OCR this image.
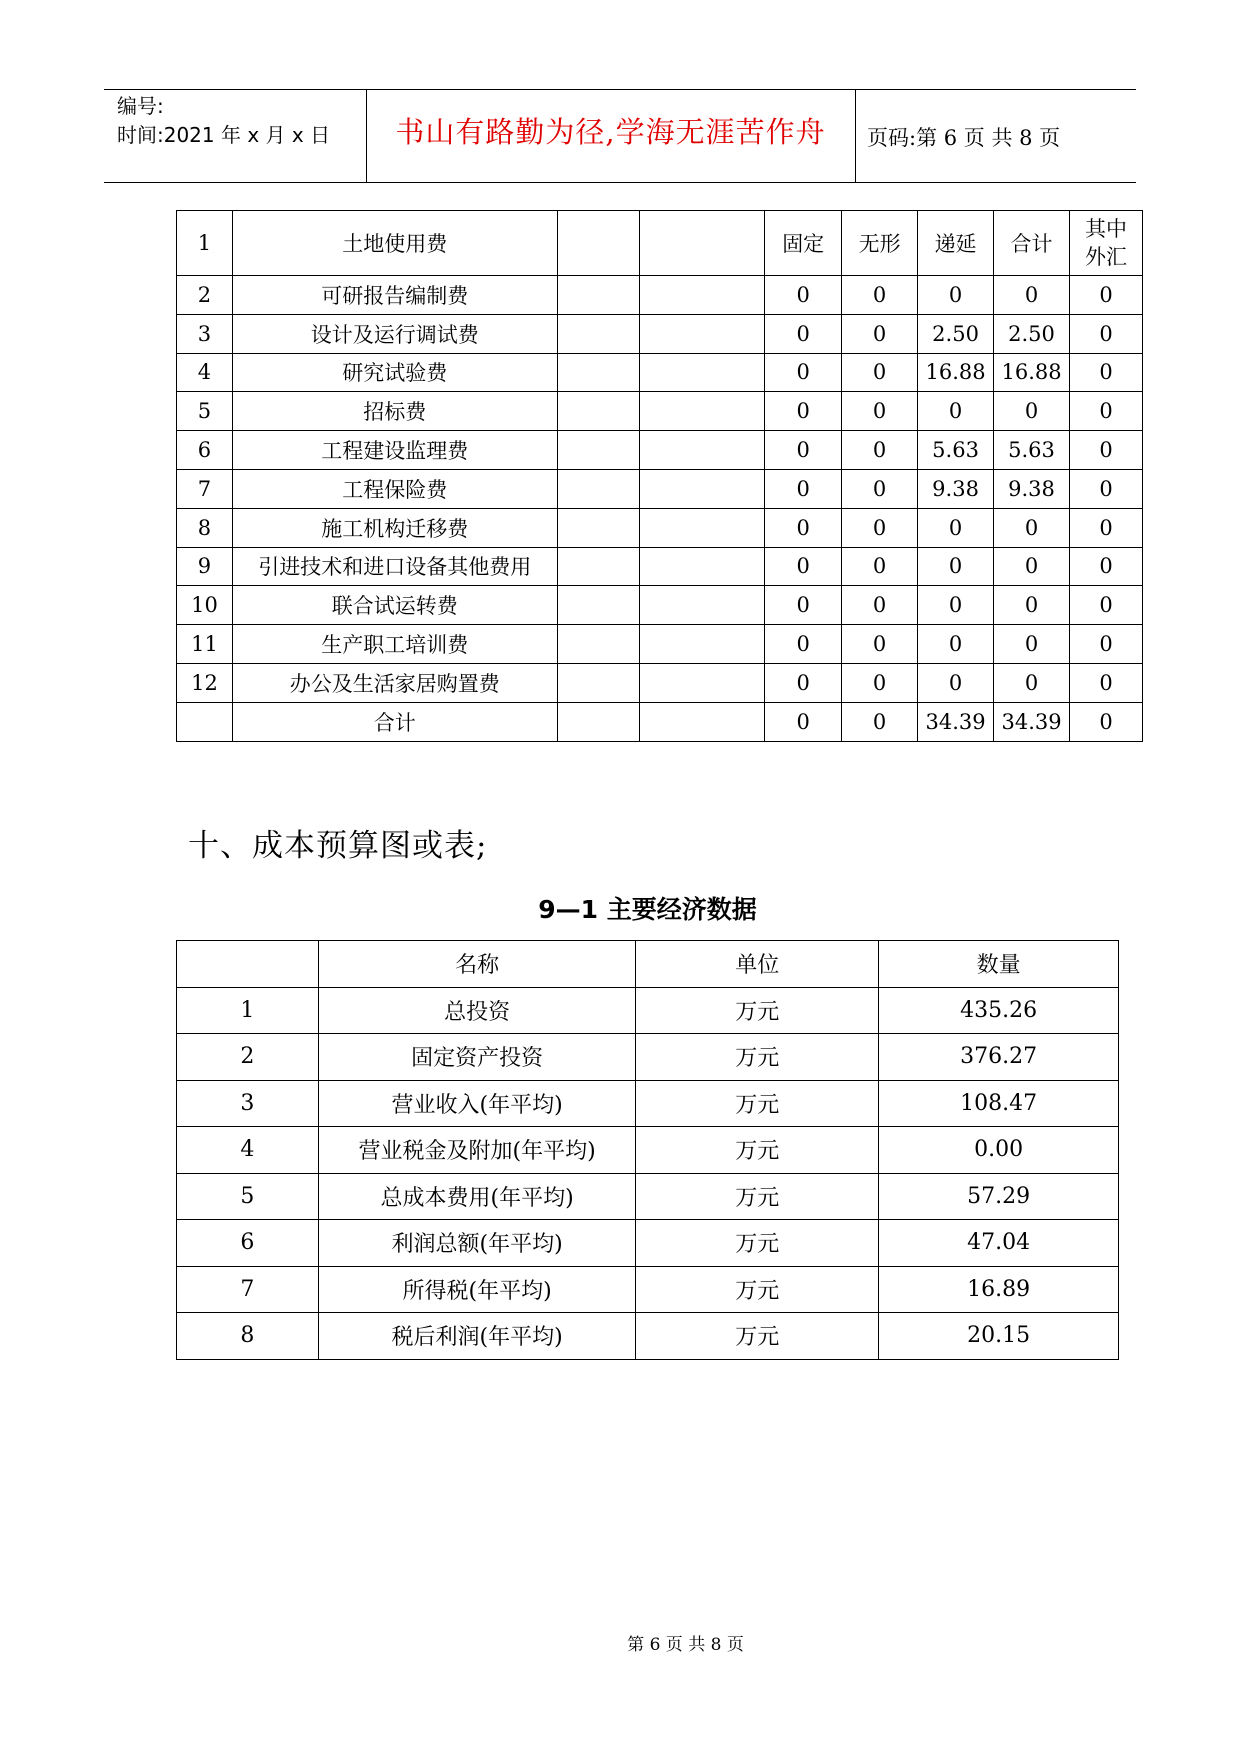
编号:
时间:2021 年 x 月 x 日	书山有路勤为径,学海无涯苦作舟	页码:第 6 页 共 8 页
1	土地使用费			固定	无形	递延	合计	其中
外汇

2	可研报告编制费			0	0	0	0	0
3	设计及运行调试费			0	0	2.50	2.50	0
4	研究试验费			0	0	16.88	16.88	0
5	招标费			0	0	0	0	0
6	工程建设监理费			0	0	5.63	5.63	0
7	工程保险费			0	0	9.38	9.38	0
8	施工机构迁移费			0	0	0	0	0
9	引进技术和进口设备其他费用			0	0	0	0	0
10	联合试运转费			0	0	0	0	0
11	生产职工培训费			0	0	0	0	0
12	办公及生活家居购置费			0	0	0	0	0
	合计			0	0	34.39	34.39	0
十、成本预算图或表;
9—1 主要经济数据
	名称	单位	数量
1	总投资	万元	435.26
2	固定资产投资	万元	376.27
3	营业收入(年平均)	万元	108.47
4	营业税金及附加(年平均)	万元	0.00
5	总成本费用(年平均)	万元	57.29
6	利润总额(年平均)	万元	47.04
7	所得税(年平均)	万元	16.89
8	税后利润(年平均)	万元	20.15
第 6 页 共 8 页
